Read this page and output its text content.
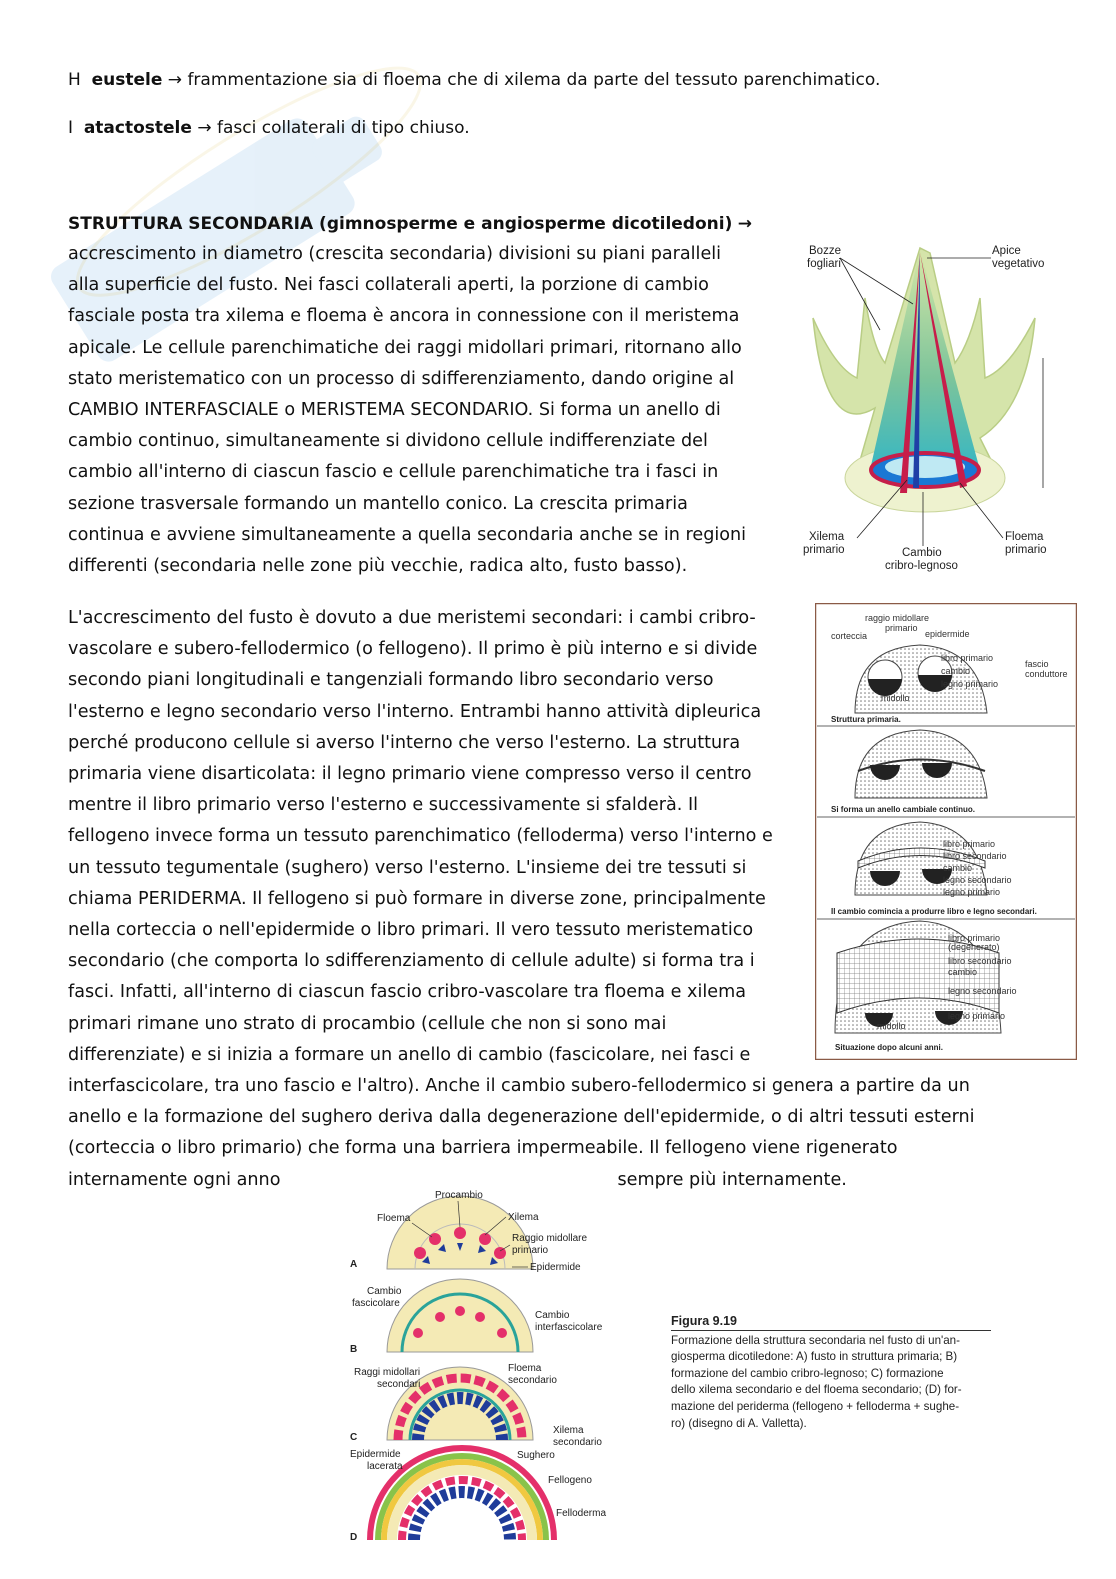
H eustele → frammentazione sia di floema che di xilema da parte del tessuto parenchimatico.
I atactostele → fasci collaterali di tipo chiuso.
STRUTTURA SECONDARIA (gimnosperme e angiosperme dicotiledoni) →
accrescimento in diametro (crescita secondaria) divisioni su piani paralleli
alla superficie del fusto. Nei fasci collaterali aperti, la porzione di cambio
fasciale posta tra xilema e floema è ancora in connessione con il meristema
apicale. Le cellule parenchimatiche dei raggi midollari primari, ritornano allo
stato meristematico con un processo di sdifferenziamento, dando origine al
CAMBIO INTERFASCIALE o MERISTEMA SECONDARIO. Si forma un anello di
cambio continuo, simultaneamente si dividono cellule indifferenziate del
cambio all'interno di ciascun fascio e cellule parenchimatiche tra i fasci in
sezione trasversale formando un mantello conico. La crescita primaria
continua e avviene simultaneamente a quella secondaria anche se in regioni
differenti (secondaria nelle zone più vecchie, radica alto, fusto basso).
L'accrescimento del fusto è dovuto a due meristemi secondari: i cambi cribro-
vascolare e subero-fellodermico (o fellogeno). Il primo è più interno e si divide
secondo piani longitudinali e tangenziali formando libro secondario verso
l'esterno e legno secondario verso l'interno. Entrambi hanno attività dipleurica
perché producono cellule si averso l'interno che verso l'esterno. La struttura
primaria viene disarticolata: il legno primario viene compresso verso il centro
mentre il libro primario verso l'esterno e successivamente si sfalderà. Il
fellogeno invece forma un tessuto parenchimatico (felloderma) verso l'interno e
un tessuto tegumentale (sughero) verso l'esterno. L'insieme dei tre tessuti si
chiama PERIDERMA. Il fellogeno si può formare in diverse zone, principalmente
nella corteccia o nell'epidermide o libro primari. Il vero tessuto meristematico
secondario (che comporta lo sdifferenziamento di cellule adulte) si forma tra i
fasci. Infatti, all'interno di ciascun fascio cribro-vascolare tra floema e xilema
primari rimane uno strato di procambio (cellule che non si sono mai
differenziate) e si inizia a formare un anello di cambio (fascicolare, nei fasci e
interfascicolare, tra uno fascio e l'altro). Anche il cambio subero-fellodermico si genera a partire da un
anello e la formazione del sughero deriva dalla degenerazione dell'epidermide, o di altri tessuti esterni
(corteccia o libro primario) che forma una barriera impermeabile. Il fellogeno viene rigenerato
internamente ogni anno	sempre più internamente.
Bozze
fogliari
Apice
vegetativo
Xilema
primario	Cambio
cribro-legnoso
Floema
primario
raggio midollare
primario
corteccia	epidermide
libro primario
cambio
legno primario
fascio
conduttore
midollo
Struttura primaria.
Si forma un anello cambiale continuo.
libro primario
libro secondario
cambio
legno secondario
legno primario
Il cambio comincia a produrre libro e legno secondari.
libro primario
(degenerato)
libro secondario
cambio
legno secondario
legno primario
midollo
Situazione dopo alcuni anni.
A
Procambio
Floema	Xilema
Raggio midollare
primario
Epidermide
B
Cambio
fascicolare
Cambio
interfascicolare
C
Raggi midollari
secondari
Floema
secondario
Xilema
secondario
D
Epidermide
lacerata
Sughero
Fellogeno
Felloderma
Figura 9.19
Formazione della struttura secondaria nel fusto di un'an-
giosperma dicotiledone: A) fusto in struttura primaria; B)
formazione del cambio cribro-legnoso; C) formazione
dello xilema secondario e del floema secondario; (D) for-
mazione del periderma (fellogeno + felloderma + sughe-
ro) (disegno di A. Valletta).
